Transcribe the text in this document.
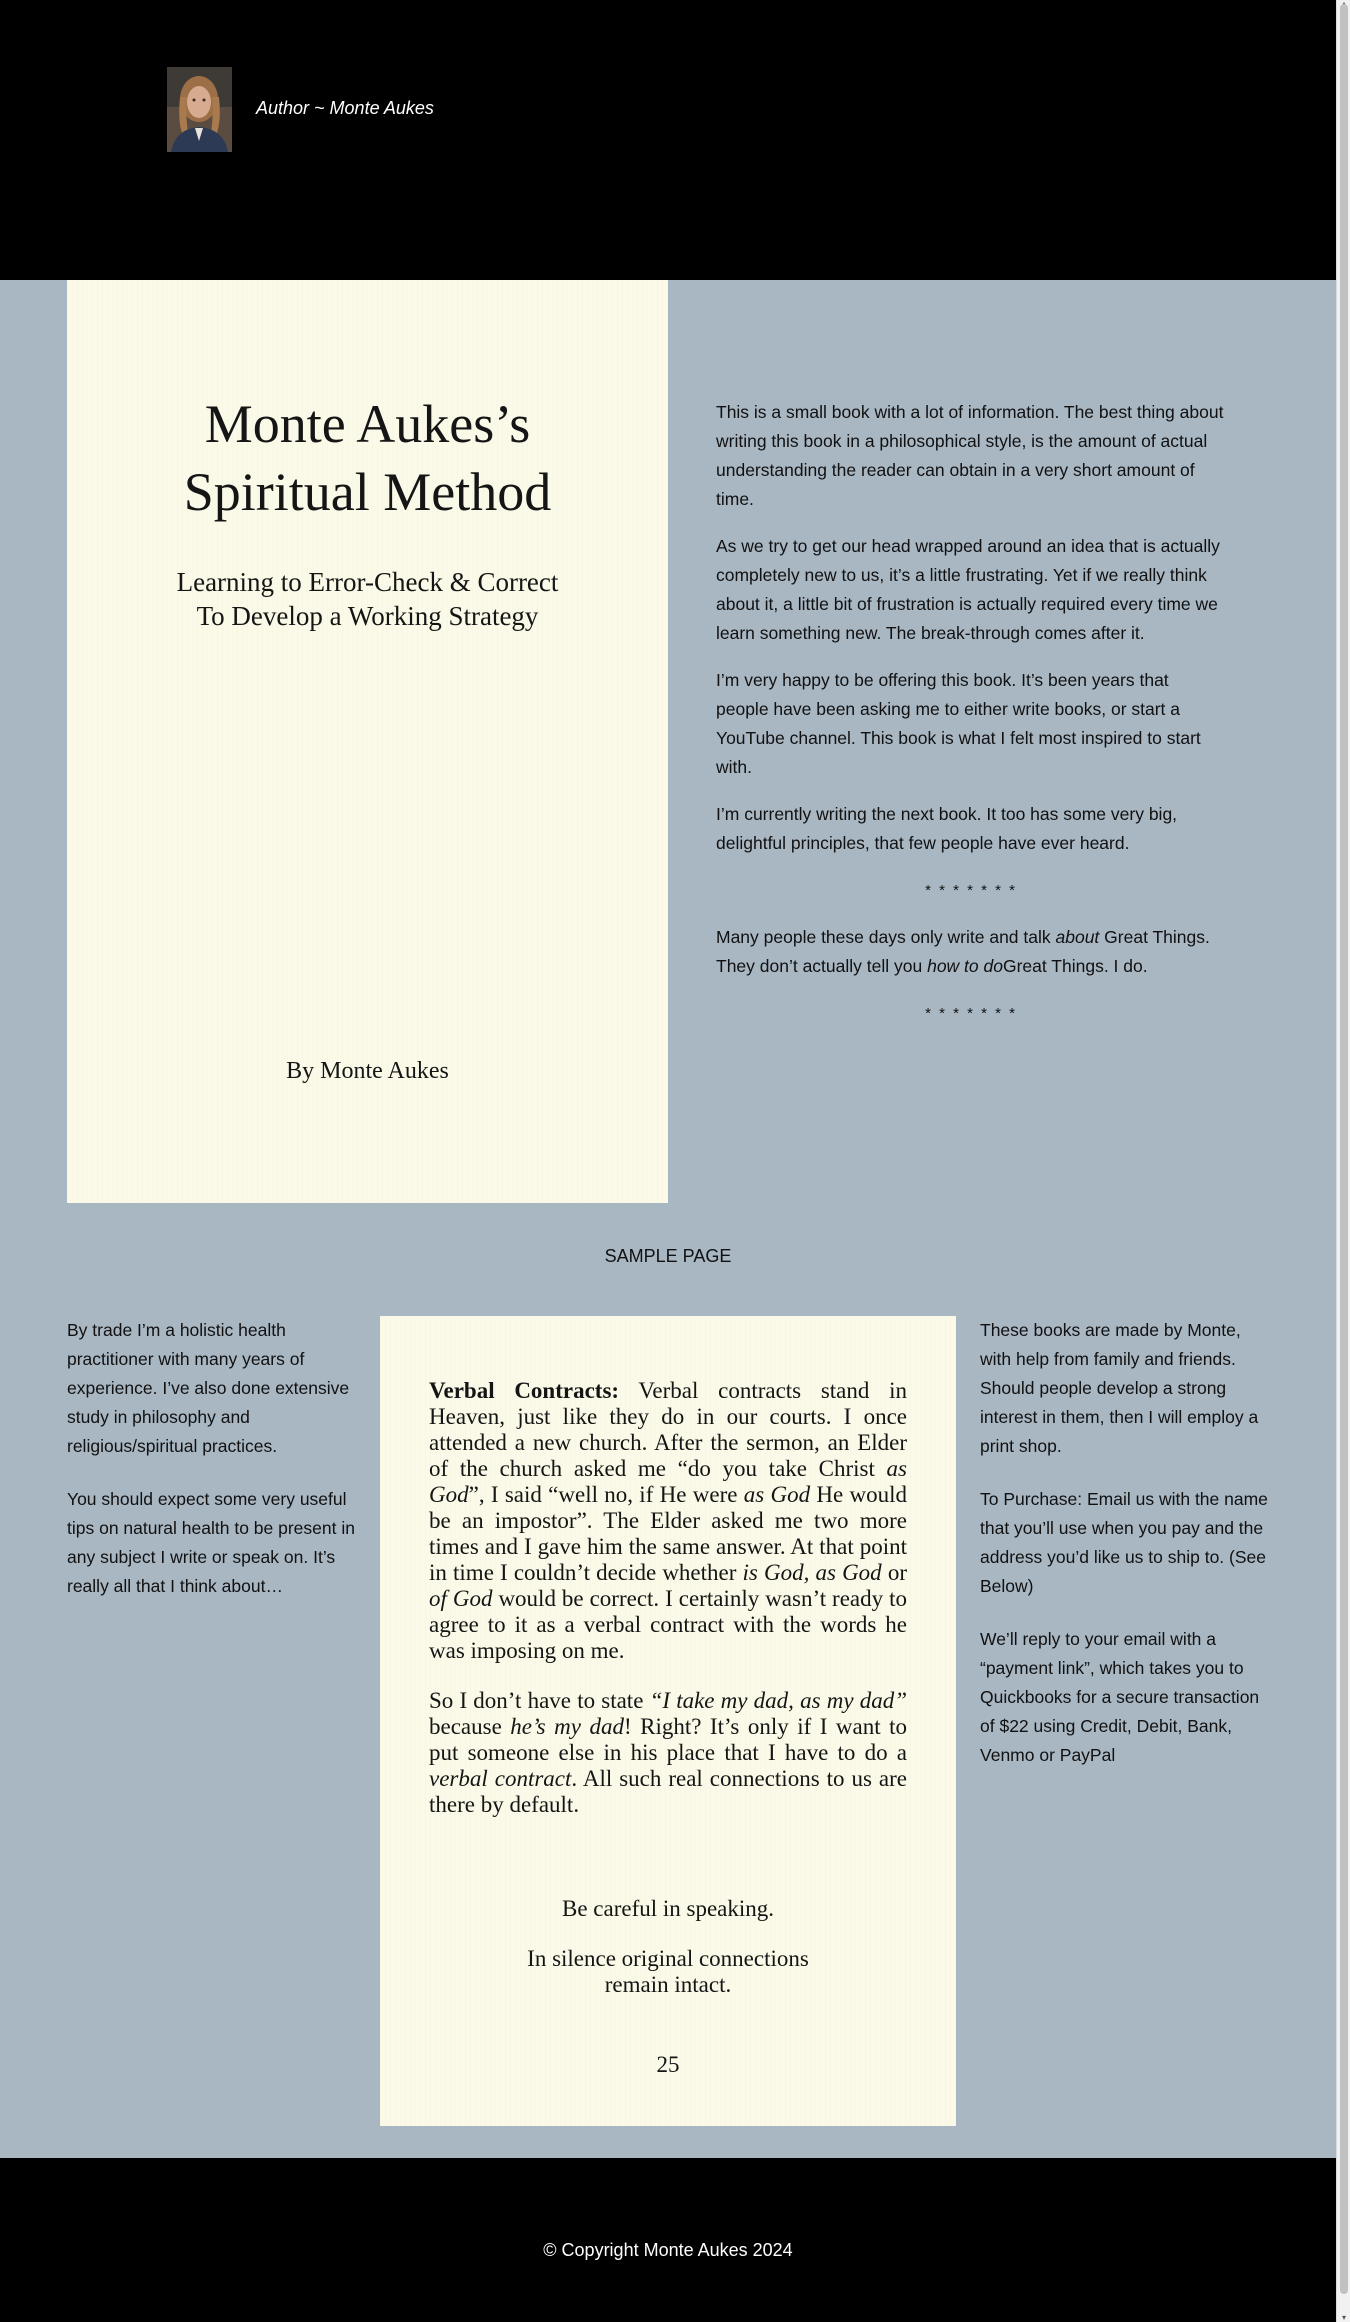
Author ~ Monte Aukes
Monte Aukes’s
Spiritual Method
Learning to Error-Check & Correct
To Develop a Working Strategy
By Monte Aukes

This is a small book with a lot of information. The best thing about writing this book in a philosophical style, is the amount of actual understanding the reader can obtain in a very short amount of time.

As we try to get our head wrapped around an idea that is actually completely new to us, it’s a little frustrating. Yet if we really think about it, a little bit of frustration is actually required every time we learn something new. The break-through comes after it.

I’m very happy to be offering this book. It’s been years that people have been asking me to either write books, or start a YouTube channel. This book is what I felt most inspired to start with.

I’m currently writing the next book. It too has some very big, delightful principles, that few people have ever heard.

* * * * * * *

Many people these days only write and talk about Great Things. They don’t actually tell you how to doGreat Things. I do.

* * * * * * *

SAMPLE PAGE

By trade I’m a holistic health practitioner with many years of experience. I’ve also done extensive study in philosophy and religious/spiritual practices.

You should expect some very useful tips on natural health to be present in any subject I write or speak on. It’s really all that I think about…

Verbal Contracts: Verbal contracts stand in Heaven, just like they do in our courts. I once attended a new church. After the sermon, an Elder of the church asked me “do you take Christ as God”, I said “well no, if He were as God He would be an impostor”. The Elder asked me two more times and I gave him the same answer. At that point in time I couldn’t decide whether is God, as God or of God would be correct. I certainly wasn’t ready to agree to it as a verbal contract with the words he was imposing on me.

So I don’t have to state “I take my dad, as my dad” because he’s my dad! Right? It’s only if I want to put someone else in his place that I have to do a verbal contract. All such real connections to us are there by default.

Be careful in speaking.

In silence original connections
remain intact.

25

These books are made by Monte, with help from family and friends. Should people develop a strong interest in them, then I will employ a print shop.

To Purchase: Email us with the name that you’ll use when you pay and the address you’d like us to ship to. (See Below)

We’ll reply to your email with a “payment link”, which takes you to Quickbooks for a secure transaction of $22 using Credit, Debit, Bank, Venmo or PayPal

© Copyright Monte Aukes 2024
▾
